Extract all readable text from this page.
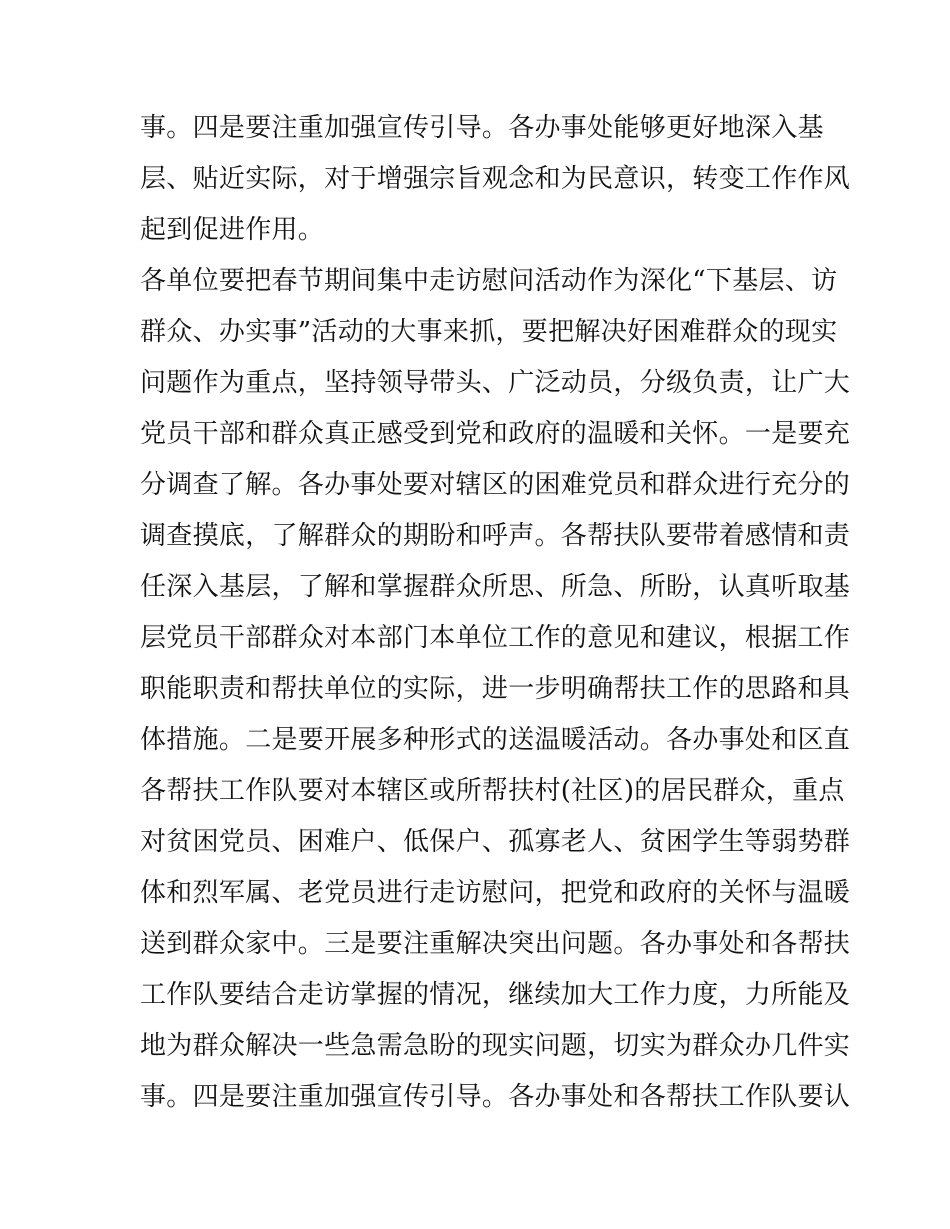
事。四是要注重加强宣传引导。各办事处能够更好地深入基
层、贴近实际，对于增强宗旨观念和为民意识，转变工作作风
起到促进作用。
各单位要把春节期间集中走访慰问活动作为深化“下基层、访
群众、办实事”活动的大事来抓，要把解决好困难群众的现实
问题作为重点，坚持领导带头、广泛动员，分级负责，让广大
党员干部和群众真正感受到党和政府的温暖和关怀。一是要充
分调查了解。各办事处要对辖区的困难党员和群众进行充分的
调查摸底，了解群众的期盼和呼声。各帮扶队要带着感情和责
任深入基层，了解和掌握群众所思、所急、所盼，认真听取基
层党员干部群众对本部门本单位工作的意见和建议，根据工作
职能职责和帮扶单位的实际，进一步明确帮扶工作的思路和具
体措施。二是要开展多种形式的送温暖活动。各办事处和区直
各帮扶工作队要对本辖区或所帮扶村(社区)的居民群众，重点
对贫困党员、困难户、低保户、孤寡老人、贫困学生等弱势群
体和烈军属、老党员进行走访慰问，把党和政府的关怀与温暖
送到群众家中。三是要注重解决突出问题。各办事处和各帮扶
工作队要结合走访掌握的情况，继续加大工作力度，力所能及
地为群众解决一些急需急盼的现实问题，切实为群众办几件实
事。四是要注重加强宣传引导。各办事处和各帮扶工作队要认
